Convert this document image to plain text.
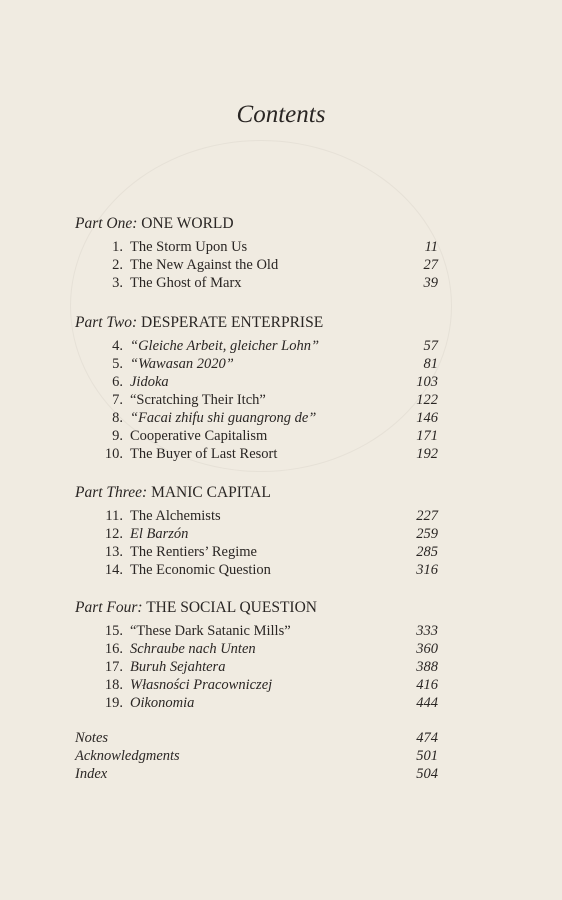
Contents
Part One: ONE WORLD
1. The Storm Upon Us	11
2. The New Against the Old	27
3. The Ghost of Marx	39
Part Two: DESPERATE ENTERPRISE
4. “Gleiche Arbeit, gleicher Lohn”	57
5. “Wawasan 2020”	81
6. Jidoka	103
7. “Scratching Their Itch”	122
8. “Facai zhifu shi guangrong de”	146
9. Cooperative Capitalism	171
10. The Buyer of Last Resort	192
Part Three: MANIC CAPITAL
11. The Alchemists	227
12. El Barzón	259
13. The Rentiers’ Regime	285
14. The Economic Question	316
Part Four: THE SOCIAL QUESTION
15. “These Dark Satanic Mills”	333
16. Schraube nach Unten	360
17. Buruh Sejahtera	388
18. Własności Pracowniczej	416
19. Oikonomia	444
Notes	474
Acknowledgments	501
Index	504
